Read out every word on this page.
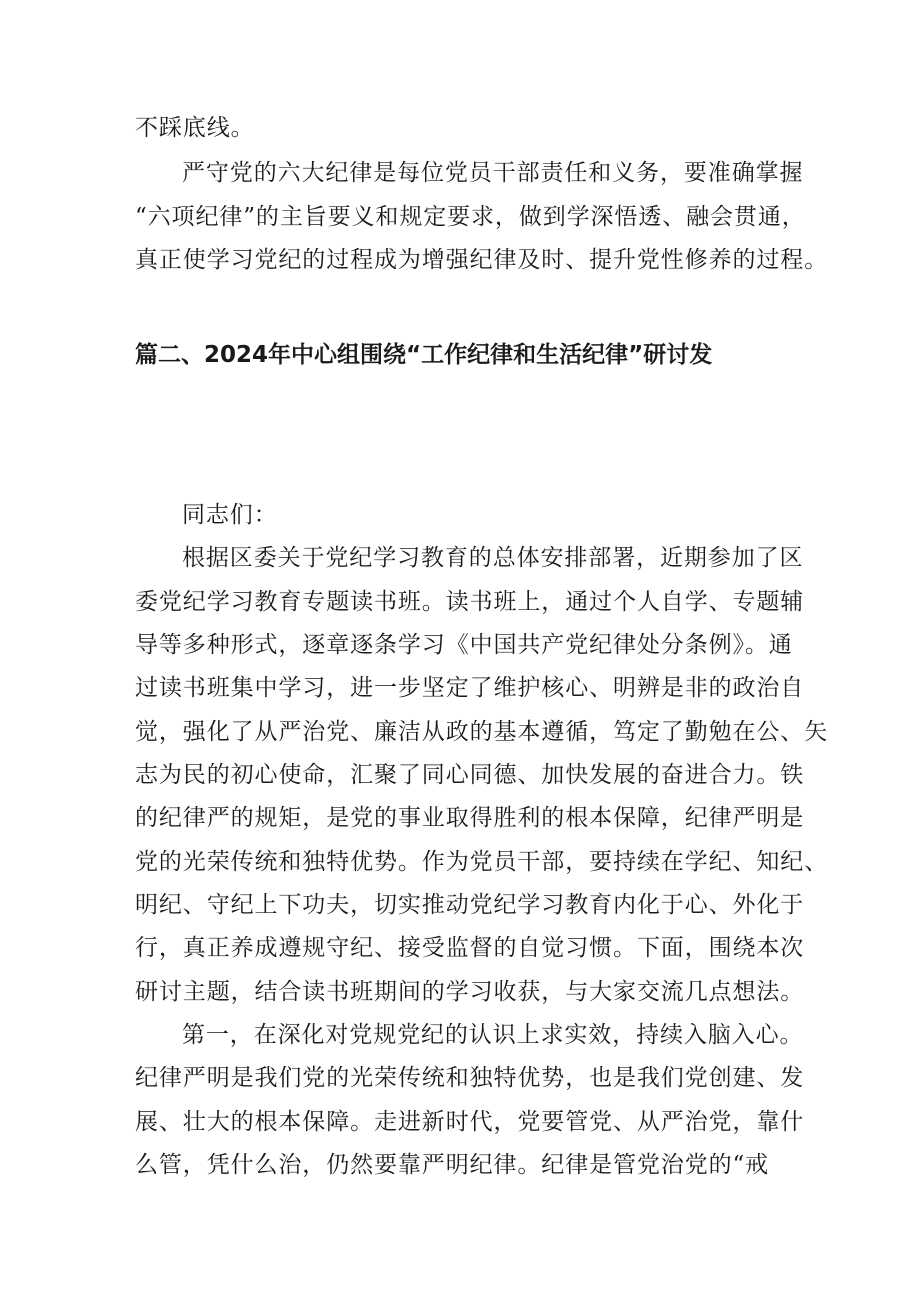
不踩底线。
严守党的六大纪律是每位党员干部责任和义务，要准确掌握
“六项纪律”的主旨要义和规定要求，做到学深悟透、融会贯通，
真正使学习党纪的过程成为增强纪律及时、提升党性修养的过程。
篇二、2024年中心组围绕“工作纪律和生活纪律”研讨发
同志们：
根据区委关于党纪学习教育的总体安排部署，近期参加了区
委党纪学习教育专题读书班。读书班上，通过个人自学、专题辅
导等多种形式，逐章逐条学习《中国共产党纪律处分条例》。通
过读书班集中学习，进一步坚定了维护核心、明辨是非的政治自
觉，强化了从严治党、廉洁从政的基本遵循，笃定了勤勉在公、矢
志为民的初心使命，汇聚了同心同德、加快发展的奋进合力。铁
的纪律严的规矩，是党的事业取得胜利的根本保障，纪律严明是
党的光荣传统和独特优势。作为党员干部，要持续在学纪、知纪、
明纪、守纪上下功夫，切实推动党纪学习教育内化于心、外化于
行，真正养成遵规守纪、接受监督的自觉习惯。下面，围绕本次
研讨主题，结合读书班期间的学习收获，与大家交流几点想法。
第一，在深化对党规党纪的认识上求实效，持续入脑入心。
纪律严明是我们党的光荣传统和独特优势，也是我们党创建、发
展、壮大的根本保障。走进新时代，党要管党、从严治党，靠什
么管，凭什么治，仍然要靠严明纪律。纪律是管党治党的“戒
